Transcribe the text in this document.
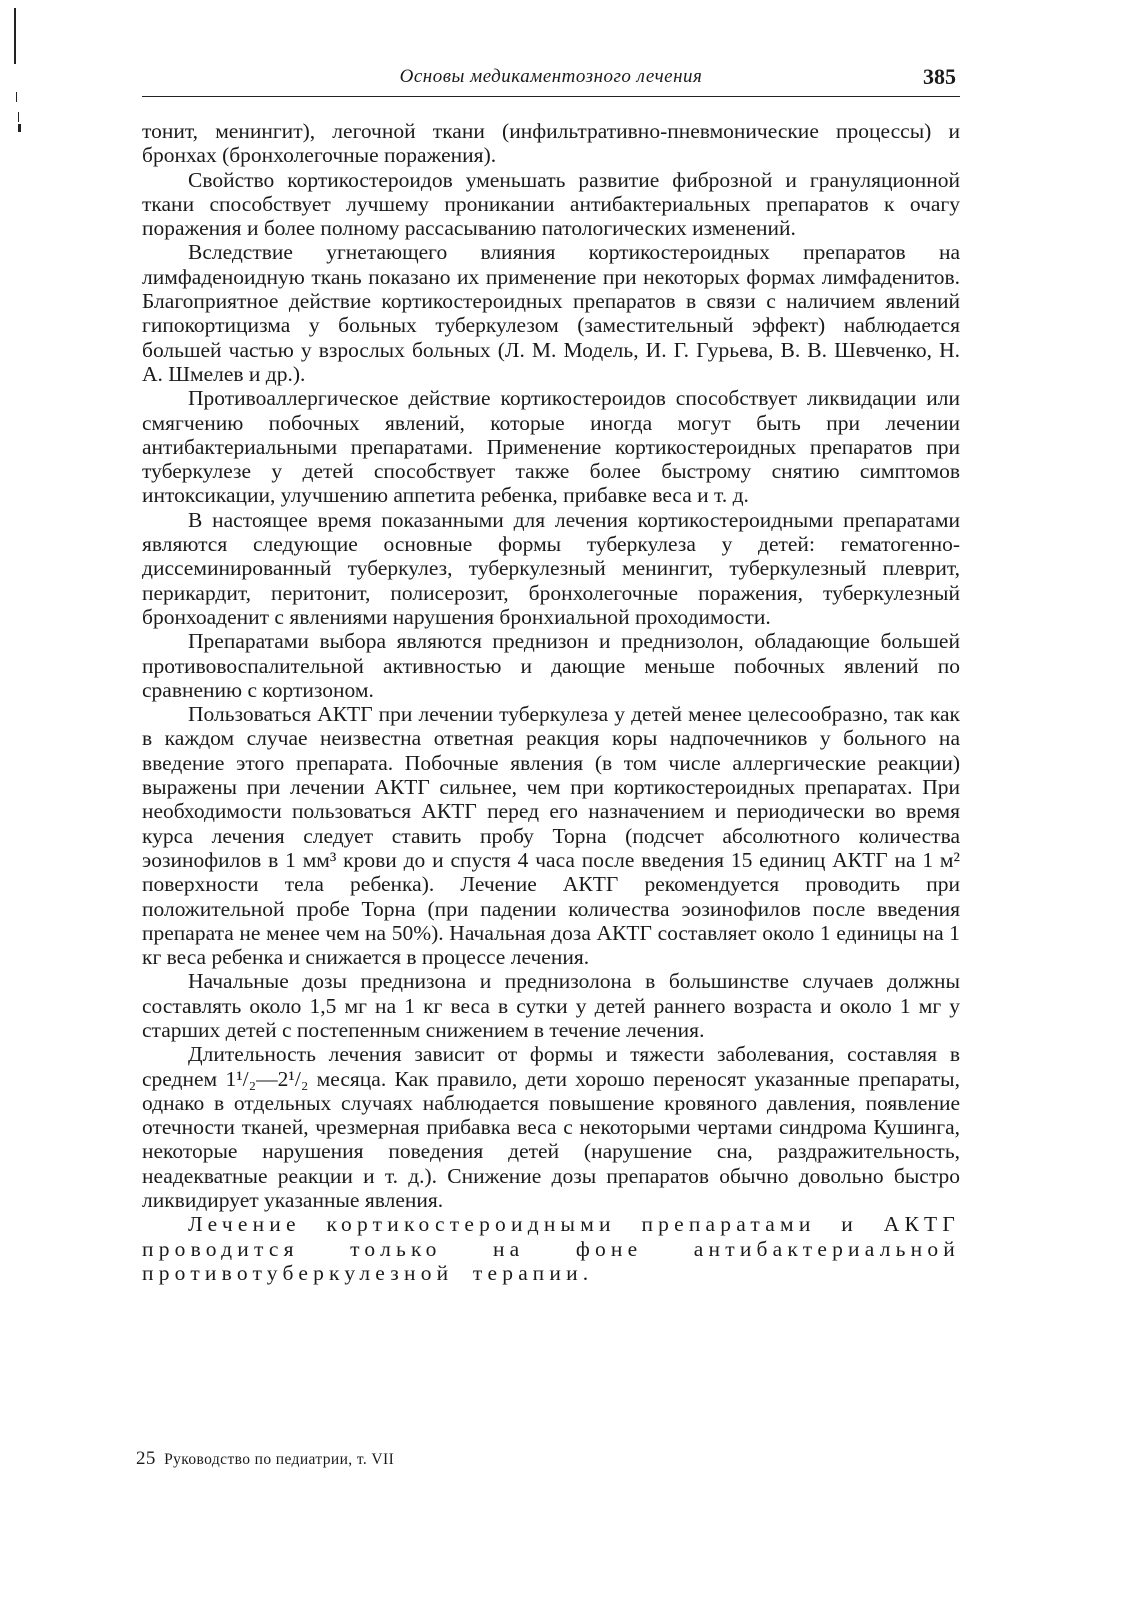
Основы медикаментозного лечения	385

тонит, менингит), легочной ткани (инфильтративно-пневмонические процессы) и бронхах (бронхолегочные поражения).

Свойство кортикостероидов уменьшать развитие фиброзной и грануляционной ткани способствует лучшему проникании антибактериальных препаратов к очагу поражения и более полному рассасыванию патологических изменений.

Вследствие угнетающего влияния кортикостероидных препаратов на лимфаденоидную ткань показано их применение при некоторых формах лимфаденитов. Благоприятное действие кортикостероидных препаратов в связи с наличием явлений гипокортицизма у больных туберкулезом (заместительный эффект) наблюдается большей частью у взрослых больных (Л. М. Модель, И. Г. Гурьева, В. В. Шевченко, Н. А. Шмелев и др.).

Противоаллергическое действие кортикостероидов способствует ликвидации или смягчению побочных явлений, которые иногда могут быть при лечении антибактериальными препаратами. Применение кортикостероидных препаратов при туберкулезе у детей способствует также более быстрому снятию симптомов интоксикации, улучшению аппетита ребенка, прибавке веса и т. д.

В настоящее время показанными для лечения кортикостероидными препаратами являются следующие основные формы туберкулеза у детей: гематогенно-диссеминированный туберкулез, туберкулезный менингит, туберкулезный плеврит, перикардит, перитонит, полисерозит, бронхолегочные поражения, туберкулезный бронхоаденит с явлениями нарушения бронхиальной проходимости.

Препаратами выбора являются преднизон и преднизолон, обладающие большей противовоспалительной активностью и дающие меньше побочных явлений по сравнению с кортизоном.

Пользоваться АКТГ при лечении туберкулеза у детей менее целесообразно, так как в каждом случае неизвестна ответная реакция коры надпочечников у больного на введение этого препарата. Побочные явления (в том числе аллергические реакции) выражены при лечении АКТГ сильнее, чем при кортикостероидных препаратах. При необходимости пользоваться АКТГ перед его назначением и периодически во время курса лечения следует ставить пробу Торна (подсчет абсолютного количества эозинофилов в 1 мм³ крови до и спустя 4 часа после введения 15 единиц АКТГ на 1 м² поверхности тела ребенка). Лечение АКТГ рекомендуется проводить при положительной пробе Торна (при падении количества эозинофилов после введения препарата не менее чем на 50%). Начальная доза АКТГ составляет около 1 единицы на 1 кг веса ребенка и снижается в процессе лечения.

Начальные дозы преднизона и преднизолона в большинстве случаев должны составлять около 1,5 мг на 1 кг веса в сутки у детей раннего возраста и около 1 мг у старших детей с постепенным снижением в течение лечения.

Длительность лечения зависит от формы и тяжести заболевания, составляя в среднем 1¹/₂—2¹/₂ месяца. Как правило, дети хорошо переносят указанные препараты, однако в отдельных случаях наблюдается повышение кровяного давления, появление отечности тканей, чрезмерная прибавка веса с некоторыми чертами синдрома Кушинга, некоторые нарушения поведения детей (нарушение сна, раздражительность, неадекватные реакции и т. д.). Снижение дозы препаратов обычно довольно быстро ликвидирует указанные явления.

Лечение кортикостероидными препаратами и АКТГ проводится только на фоне антибактериальной противотуберкулезной терапии.

25 Руководство по педиатрии, т. VII
